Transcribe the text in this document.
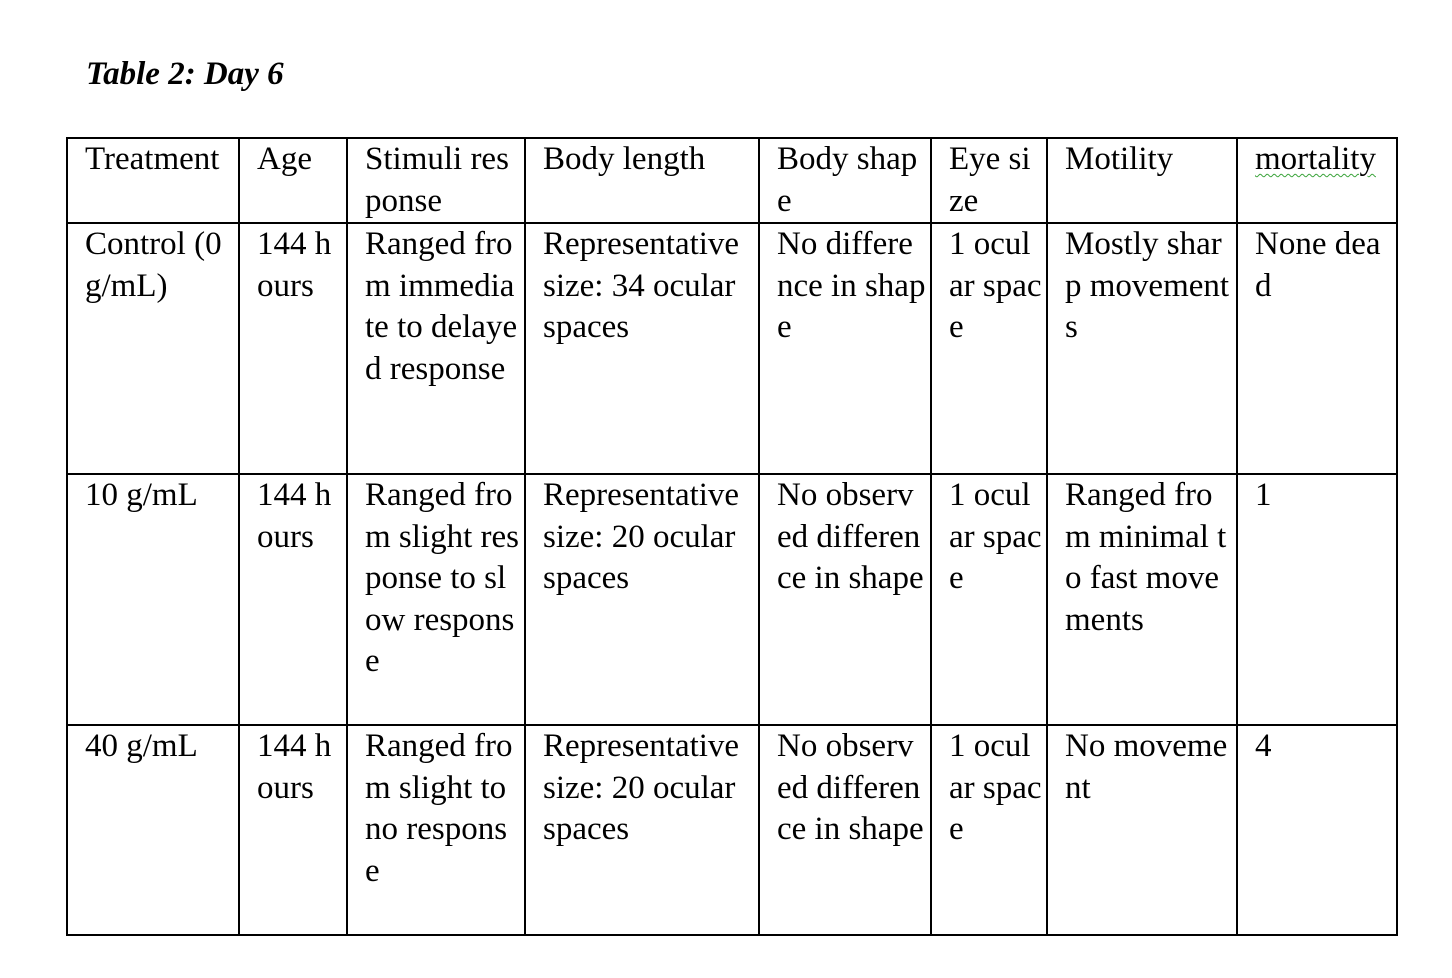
Table 2: Day 6
Treatment	Age	Stimuli response	Body length	Body shape	Eye size	Motility	mortality
Control (0g/mL)	144 hours	Ranged from immediate to delayed response	Representative size: 34 ocular spaces	No difference in shape	1 ocular space	Mostly sharp movements	None dead
10 g/mL	144 hours	Ranged from slight response to slow response	Representative size: 20 ocular spaces	No observed difference in shape	1 ocular space	Ranged from minimal to fast movements	1
40 g/mL	144 hours	Ranged from slight to no response	Representative size: 20 ocular spaces	No observed difference in shape	1 ocular space	No movement	4
